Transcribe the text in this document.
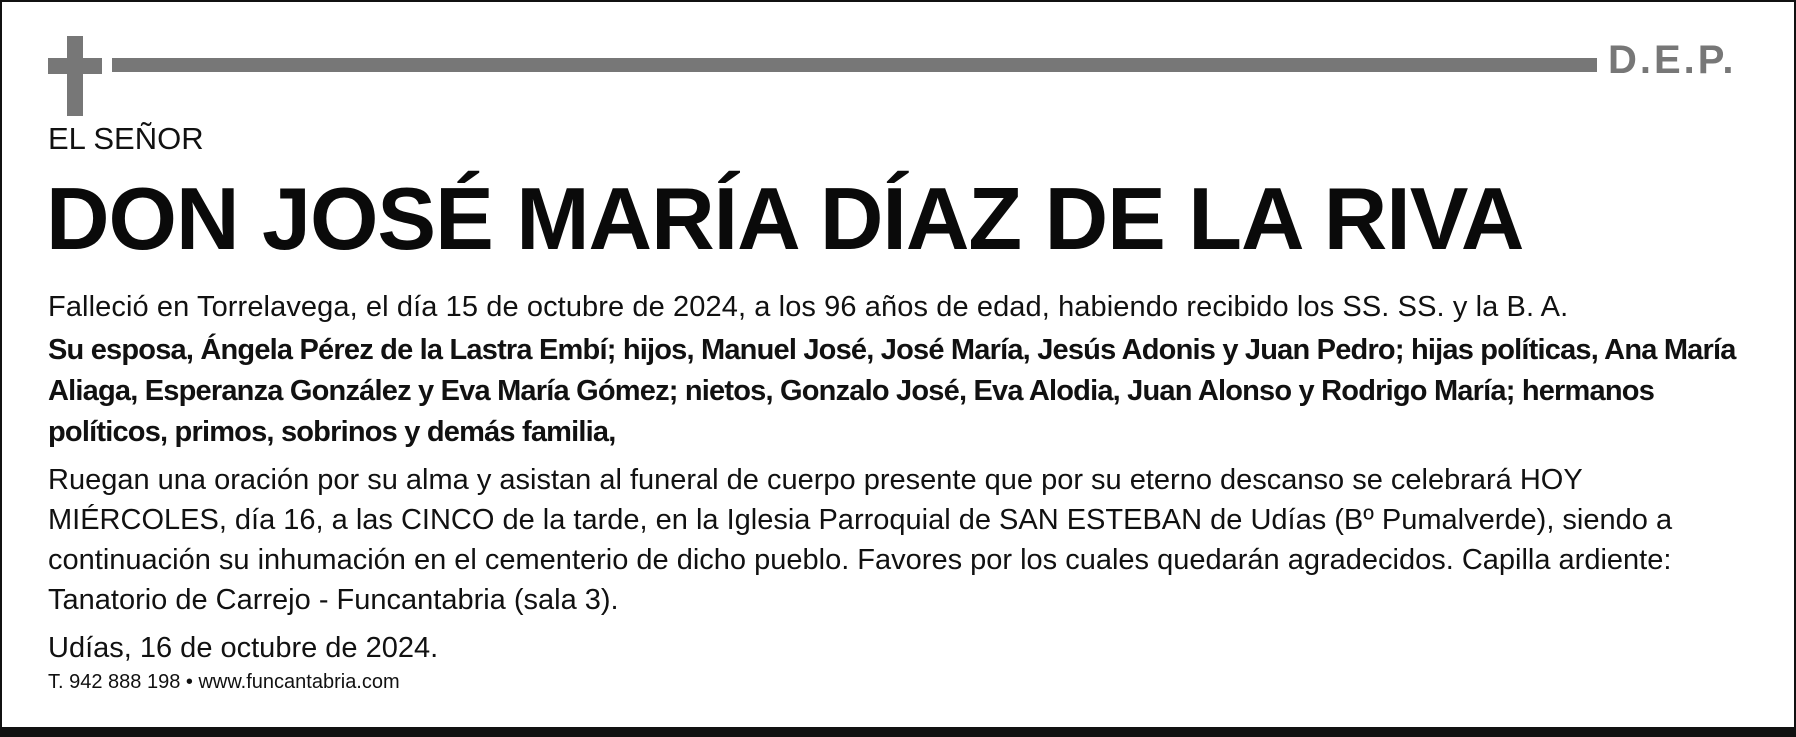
D.E.P.
EL SEÑOR
DON JOSÉ MARÍA DÍAZ DE LA RIVA
Falleció en Torrelavega, el día 15 de octubre de 2024, a los 96 años de edad, habiendo recibido los SS. SS. y la B. A.
Su esposa, Ángela Pérez de la Lastra Embí; hijos, Manuel José, José María, Jesús Adonis y Juan Pedro; hijas políticas, Ana María Aliaga, Esperanza González y Eva María Gómez; nietos, Gonzalo José, Eva Alodia, Juan Alonso y Rodrigo María; hermanos políticos, primos, sobrinos y demás familia,
Ruegan una oración por su alma y asistan al funeral de cuerpo presente que por su eterno descanso se celebrará HOY MIÉRCOLES, día 16, a las CINCO de la tarde, en la Iglesia Parroquial de SAN ESTEBAN de Udías (Bº Pumalverde), siendo a continuación su inhumación en el cementerio de dicho pueblo. Favores por los cuales quedarán agradecidos. Capilla ardiente: Tanatorio de Carrejo - Funcantabria (sala 3).
Udías, 16 de octubre de 2024.
T. 942 888 198 • www.funcantabria.com
